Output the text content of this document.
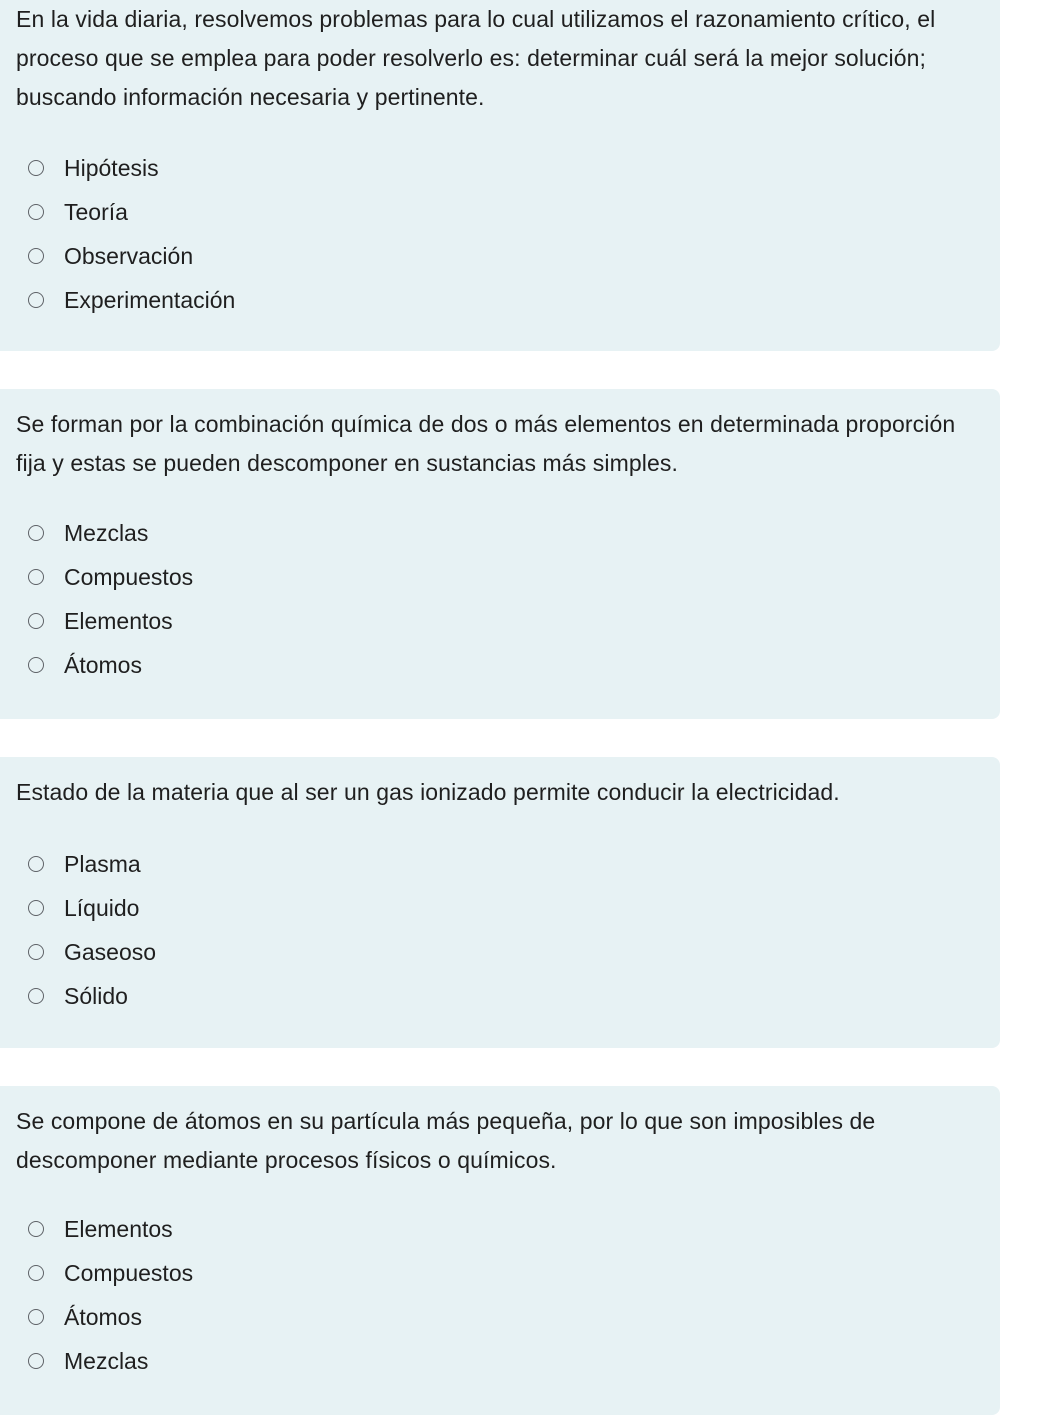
En la vida diaria, resolvemos problemas para lo cual utilizamos el razonamiento crítico, el proceso que se emplea para poder resolverlo es: determinar cuál será la mejor solución; buscando información necesaria y pertinente.

Hipótesis
Teoría
Observación
Experimentación

Se forman por la combinación química de dos o más elementos en determinada proporción fija y estas se pueden descomponer en sustancias más simples.

Mezclas
Compuestos
Elementos
Átomos

Estado de la materia que al ser un gas ionizado permite conducir la electricidad.

Plasma
Líquido
Gaseoso
Sólido

Se compone de átomos en su partícula más pequeña, por lo que son imposibles de descomponer mediante procesos físicos o químicos.

Elementos
Compuestos
Átomos
Mezclas
